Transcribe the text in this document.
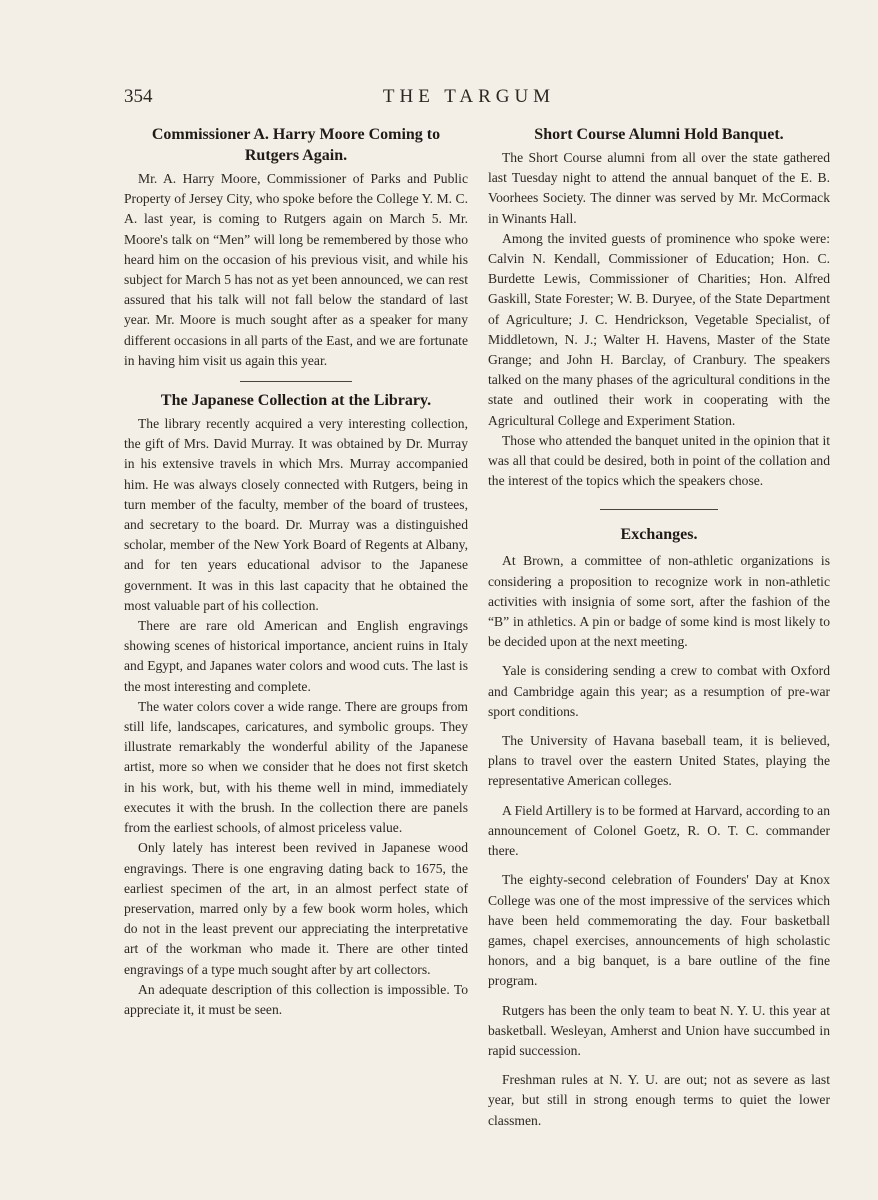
354	THE TARGUM
Commissioner A. Harry Moore Coming to Rutgers Again.

Mr. A. Harry Moore, Commissioner of Parks and Public Property of Jersey City, who spoke before the College Y. M. C. A. last year, is coming to Rutgers again on March 5. Mr. Moore's talk on “Men” will long be remembered by those who heard him on the occasion of his previous visit, and while his subject for March 5 has not as yet been announced, we can rest assured that his talk will not fall below the standard of last year. Mr. Moore is much sought after as a speaker for many different occasions in all parts of the East, and we are fortunate in having him visit us again this year.

The Japanese Collection at the Library.

The library recently acquired a very interesting collection, the gift of Mrs. David Murray. It was obtained by Dr. Murray in his extensive travels in which Mrs. Murray accompanied him. He was always closely connected with Rutgers, being in turn member of the faculty, member of the board of trustees, and secretary to the board. Dr. Murray was a distinguished scholar, member of the New York Board of Regents at Albany, and for ten years educational advisor to the Japanese government. It was in this last capacity that he obtained the most valuable part of his collection.

There are rare old American and English engravings showing scenes of historical importance, ancient ruins in Italy and Egypt, and Japanes water colors and wood cuts. The last is the most interesting and complete.

The water colors cover a wide range. There are groups from still life, landscapes, caricatures, and symbolic groups. They illustrate remarkably the wonderful ability of the Japanese artist, more so when we consider that he does not first sketch in his work, but, with his theme well in mind, immediately executes it with the brush. In the collection there are panels from the earliest schools, of almost priceless value.

Only lately has interest been revived in Japanese wood engravings. There is one engraving dating back to 1675, the earliest specimen of the art, in an almost perfect state of preservation, marred only by a few book worm holes, which do not in the least prevent our appreciating the interpretative art of the workman who made it. There are other tinted engravings of a type much sought after by art collectors.

An adequate description of this collection is impossible. To appreciate it, it must be seen.

Short Course Alumni Hold Banquet.

The Short Course alumni from all over the state gathered last Tuesday night to attend the annual banquet of the E. B. Voorhees Society. The dinner was served by Mr. McCormack in Winants Hall.

Among the invited guests of prominence who spoke were: Calvin N. Kendall, Commissioner of Education; Hon. C. Burdette Lewis, Commissioner of Charities; Hon. Alfred Gaskill, State Forester; W. B. Duryee, of the State Department of Agriculture; J. C. Hendrickson, Vegetable Specialist, of Middletown, N. J.; Walter H. Havens, Master of the State Grange; and John H. Barclay, of Cranbury. The speakers talked on the many phases of the agricultural conditions in the state and outlined their work in cooperating with the Agricultural College and Experiment Station.

Those who attended the banquet united in the opinion that it was all that could be desired, both in point of the collation and the interest of the topics which the speakers chose.

Exchanges.

At Brown, a committee of non-athletic organizations is considering a proposition to recognize work in non-athletic activities with insignia of some sort, after the fashion of the “B” in athletics. A pin or badge of some kind is most likely to be decided upon at the next meeting.

Yale is considering sending a crew to combat with Oxford and Cambridge again this year; as a resumption of pre-war sport conditions.

The University of Havana baseball team, it is believed, plans to travel over the eastern United States, playing the representative American colleges.

A Field Artillery is to be formed at Harvard, according to an announcement of Colonel Goetz, R. O. T. C. commander there.

The eighty-second celebration of Founders' Day at Knox College was one of the most impressive of the services which have been held commemorating the day. Four basketball games, chapel exercises, announcements of high scholastic honors, and a big banquet, is a bare outline of the fine program.

Rutgers has been the only team to beat N. Y. U. this year at basketball. Wesleyan, Amherst and Union have succumbed in rapid succession.

Freshman rules at N. Y. U. are out; not as severe as last year, but still in strong enough terms to quiet the lower classmen.
